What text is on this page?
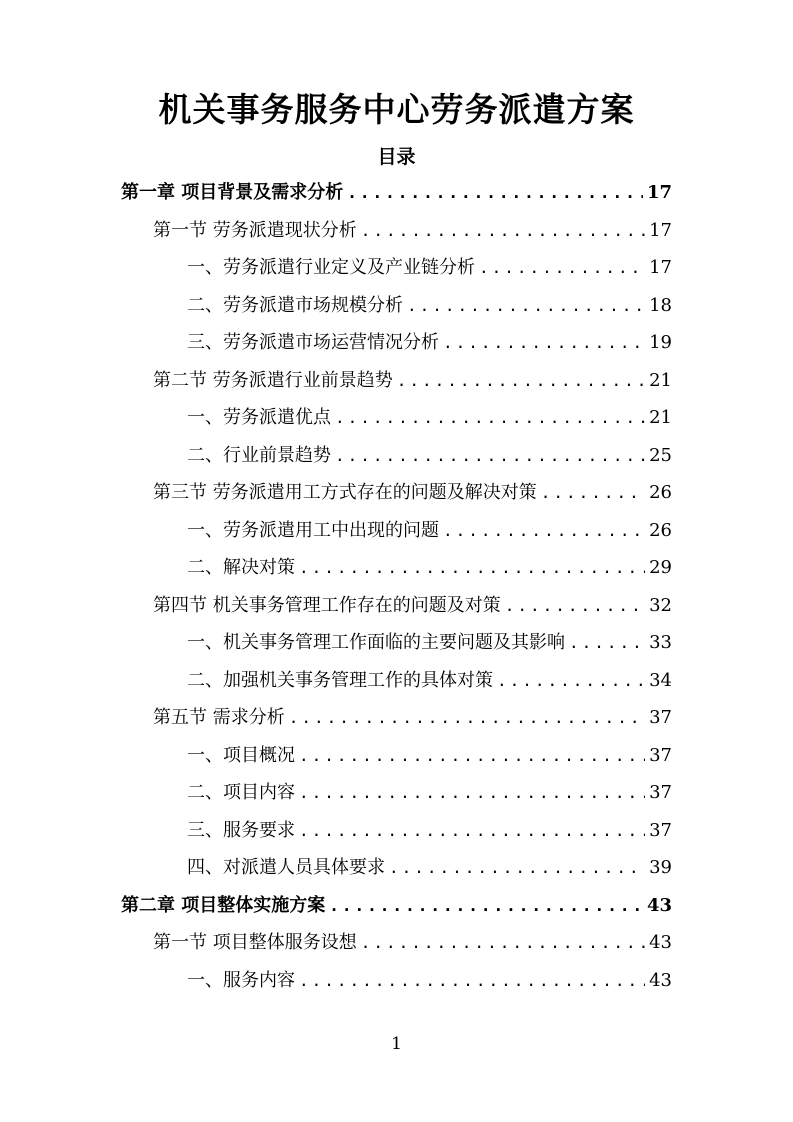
机关事务服务中心劳务派遣方案
目录
第一章 项目背景及需求分析 .....	17
第一节 劳务派遣现状分析 .....	17
一、劳务派遣行业定义及产业链分析 .....	17
二、劳务派遣市场规模分析 .....	18
三、劳务派遣市场运营情况分析 .....	19
第二节 劳务派遣行业前景趋势 .....	21
一、劳务派遣优点 .....	21
二、行业前景趋势 .....	25
第三节 劳务派遣用工方式存在的问题及解决对策 .....	26
一、劳务派遣用工中出现的问题 .....	26
二、解决对策 .....	29
第四节 机关事务管理工作存在的问题及对策 .....	32
一、机关事务管理工作面临的主要问题及其影响 .....	33
二、加强机关事务管理工作的具体对策 .....	34
第五节 需求分析 .....	37
一、项目概况 .....	37
二、项目内容 .....	37
三、服务要求 .....	37
四、对派遣人员具体要求 .....	39
第二章 项目整体实施方案 .....	43
第一节 项目整体服务设想 .....	43
一、服务内容 .....	43
1
